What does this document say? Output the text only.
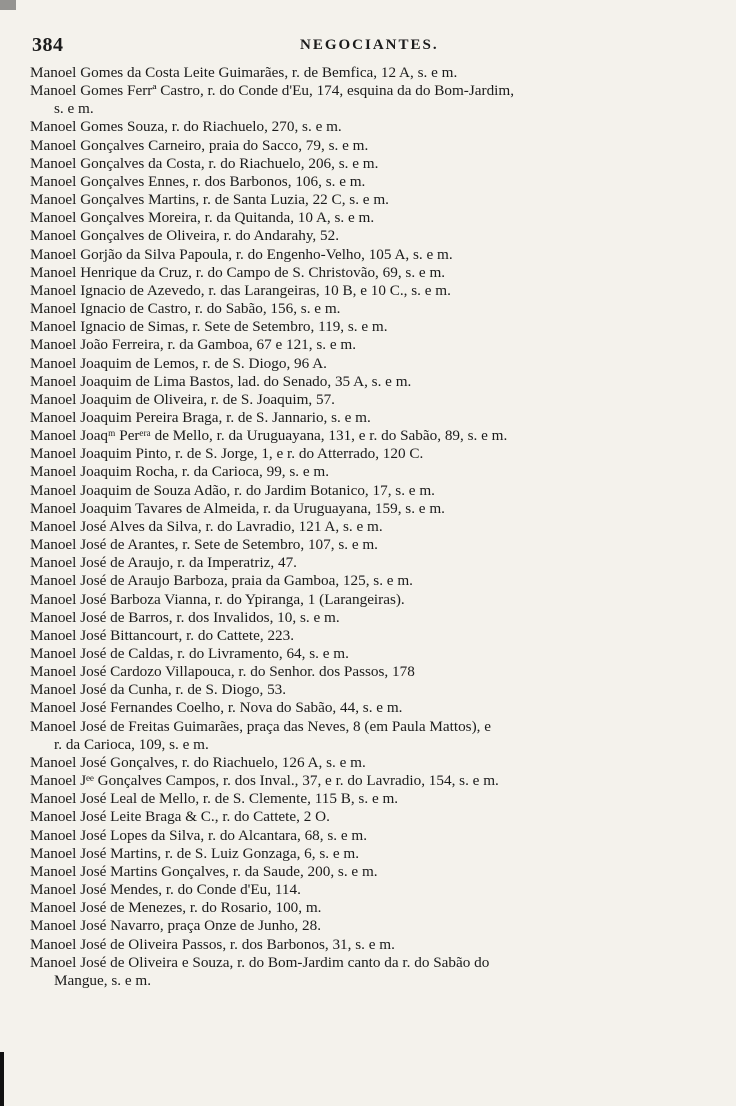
384	NEGOCIANTES.
Manoel Gomes da Costa Leite Guimarães, r. de Bemfica, 12 A, s. e m.
Manoel Gomes Ferrª Castro, r. do Conde d'Eu, 174, esquina da do Bom-Jardim,
s. e m.
Manoel Gomes Souza, r. do Riachuelo, 270, s. e m.
Manoel Gonçalves Carneiro, praia do Sacco, 79, s. e m.
Manoel Gonçalves da Costa, r. do Riachuelo, 206, s. e m.
Manoel Gonçalves Ennes, r. dos Barbonos, 106, s. e m.
Manoel Gonçalves Martins, r. de Santa Luzia, 22 C, s. e m.
Manoel Gonçalves Moreira, r. da Quitanda, 10 A, s. e m.
Manoel Gonçalves de Oliveira, r. do Andarahy, 52.
Manoel Gorjão da Silva Papoula, r. do Engenho-Velho, 105 A, s. e m.
Manoel Henrique da Cruz, r. do Campo de S. Christovão, 69, s. e m.
Manoel Ignacio de Azevedo, r. das Larangeiras, 10 B, e 10 C., s. e m.
Manoel Ignacio de Castro, r. do Sabão, 156, s. e m.
Manoel Ignacio de Simas, r. Sete de Setembro, 119, s. e m.
Manoel João Ferreira, r. da Gamboa, 67 e 121, s. e m.
Manoel Joaquim de Lemos, r. de S. Diogo, 96 A.
Manoel Joaquim de Lima Bastos, lad. do Senado, 35 A, s. e m.
Manoel Joaquim de Oliveira, r. de S. Joaquim, 57.
Manoel Joaquim Pereira Braga, r. de S. Jannario, s. e m.
Manoel Joaqᵐ Perᵉʳᵃ de Mello, r. da Uruguayana, 131, e r. do Sabão, 89, s. e m.
Manoel Joaquim Pinto, r. de S. Jorge, 1, e r. do Atterrado, 120 C.
Manoel Joaquim Rocha, r. da Carioca, 99, s. e m.
Manoel Joaquim de Souza Adão, r. do Jardim Botanico, 17, s. e m.
Manoel Joaquim Tavares de Almeida, r. da Uruguayana, 159, s. e m.
Manoel José Alves da Silva, r. do Lavradio, 121 A, s. e m.
Manoel José de Arantes, r. Sete de Setembro, 107, s. e m.
Manoel José de Araujo, r. da Imperatriz, 47.
Manoel José de Araujo Barboza, praia da Gamboa, 125, s. e m.
Manoel José Barboza Vianna, r. do Ypiranga, 1 (Larangeiras).
Manoel José de Barros, r. dos Invalidos, 10, s. e m.
Manoel José Bittancourt, r. do Cattete, 223.
Manoel José de Caldas, r. do Livramento, 64, s. e m.
Manoel José Cardozo Villapouca, r. do Senhor. dos Passos, 178
Manoel José da Cunha, r. de S. Diogo, 53.
Manoel José Fernandes Coelho, r. Nova do Sabão, 44, s. e m.
Manoel José de Freitas Guimarães, praça das Neves, 8 (em Paula Mattos), e
r. da Carioca, 109, s. e m.
Manoel José Gonçalves, r. do Riachuelo, 126 A, s. e m.
Manoel Jᵉᵉ Gonçalves Campos, r. dos Inval., 37, e r. do Lavradio, 154, s. e m.
Manoel José Leal de Mello, r. de S. Clemente, 115 B, s. e m.
Manoel José Leite Braga & C., r. do Cattete, 2 O.
Manoel José Lopes da Silva, r. do Alcantara, 68, s. e m.
Manoel José Martins, r. de S. Luiz Gonzaga, 6, s. e m.
Manoel José Martins Gonçalves, r. da Saude, 200, s. e m.
Manoel José Mendes, r. do Conde d'Eu, 114.
Manoel José de Menezes, r. do Rosario, 100, m.
Manoel José Navarro, praça Onze de Junho, 28.
Manoel José de Oliveira Passos, r. dos Barbonos, 31, s. e m.
Manoel José de Oliveira e Souza, r. do Bom-Jardim canto da r. do Sabão do
Mangue, s. e m.
